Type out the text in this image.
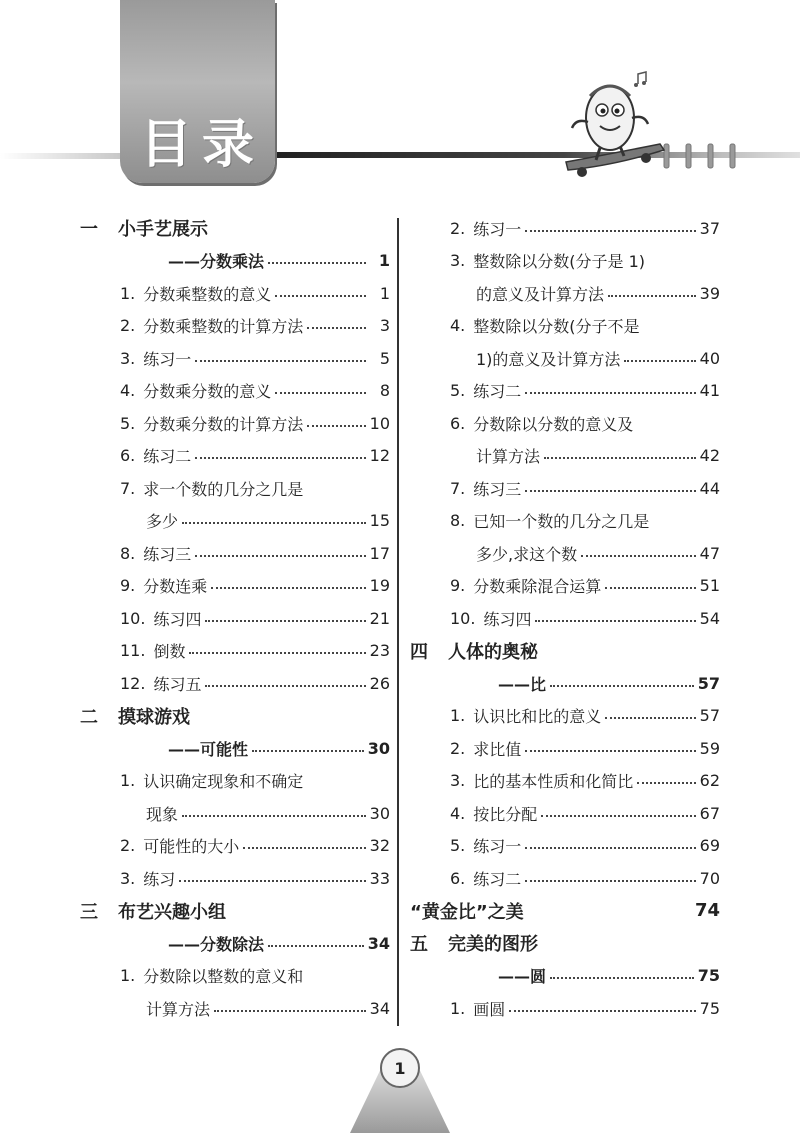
目录
一	小手艺展示
——分数乘法	1
1. 分数乘整数的意义	1
2. 分数乘整数的计算方法	3
3. 练习一	5
4. 分数乘分数的意义	8
5. 分数乘分数的计算方法	10
6. 练习二	12
7. 求一个数的几分之几是
多少	15
8. 练习三	17
9. 分数连乘	19
10. 练习四	21
11. 倒数	23
12. 练习五	26
二	摸球游戏
——可能性	30
1. 认识确定现象和不确定
现象	30
2. 可能性的大小	32
3. 练习	33
三	布艺兴趣小组
——分数除法	34
1. 分数除以整数的意义和
计算方法	34
2. 练习一	37
3. 整数除以分数(分子是 1)
的意义及计算方法	39
4. 整数除以分数(分子不是
1)的意义及计算方法	40
5. 练习二	41
6. 分数除以分数的意义及
计算方法	42
7. 练习三	44
8. 已知一个数的几分之几是
多少,求这个数	47
9. 分数乘除混合运算	51
10. 练习四	54
四	人体的奥秘
——比	57
1. 认识比和比的意义	57
2. 求比值	59
3. 比的基本性质和化简比	62
4. 按比分配	67
5. 练习一	69
6. 练习二	70
“黄金比”之美	74
五	完美的图形
——圆	75
1. 画圆	75
1
